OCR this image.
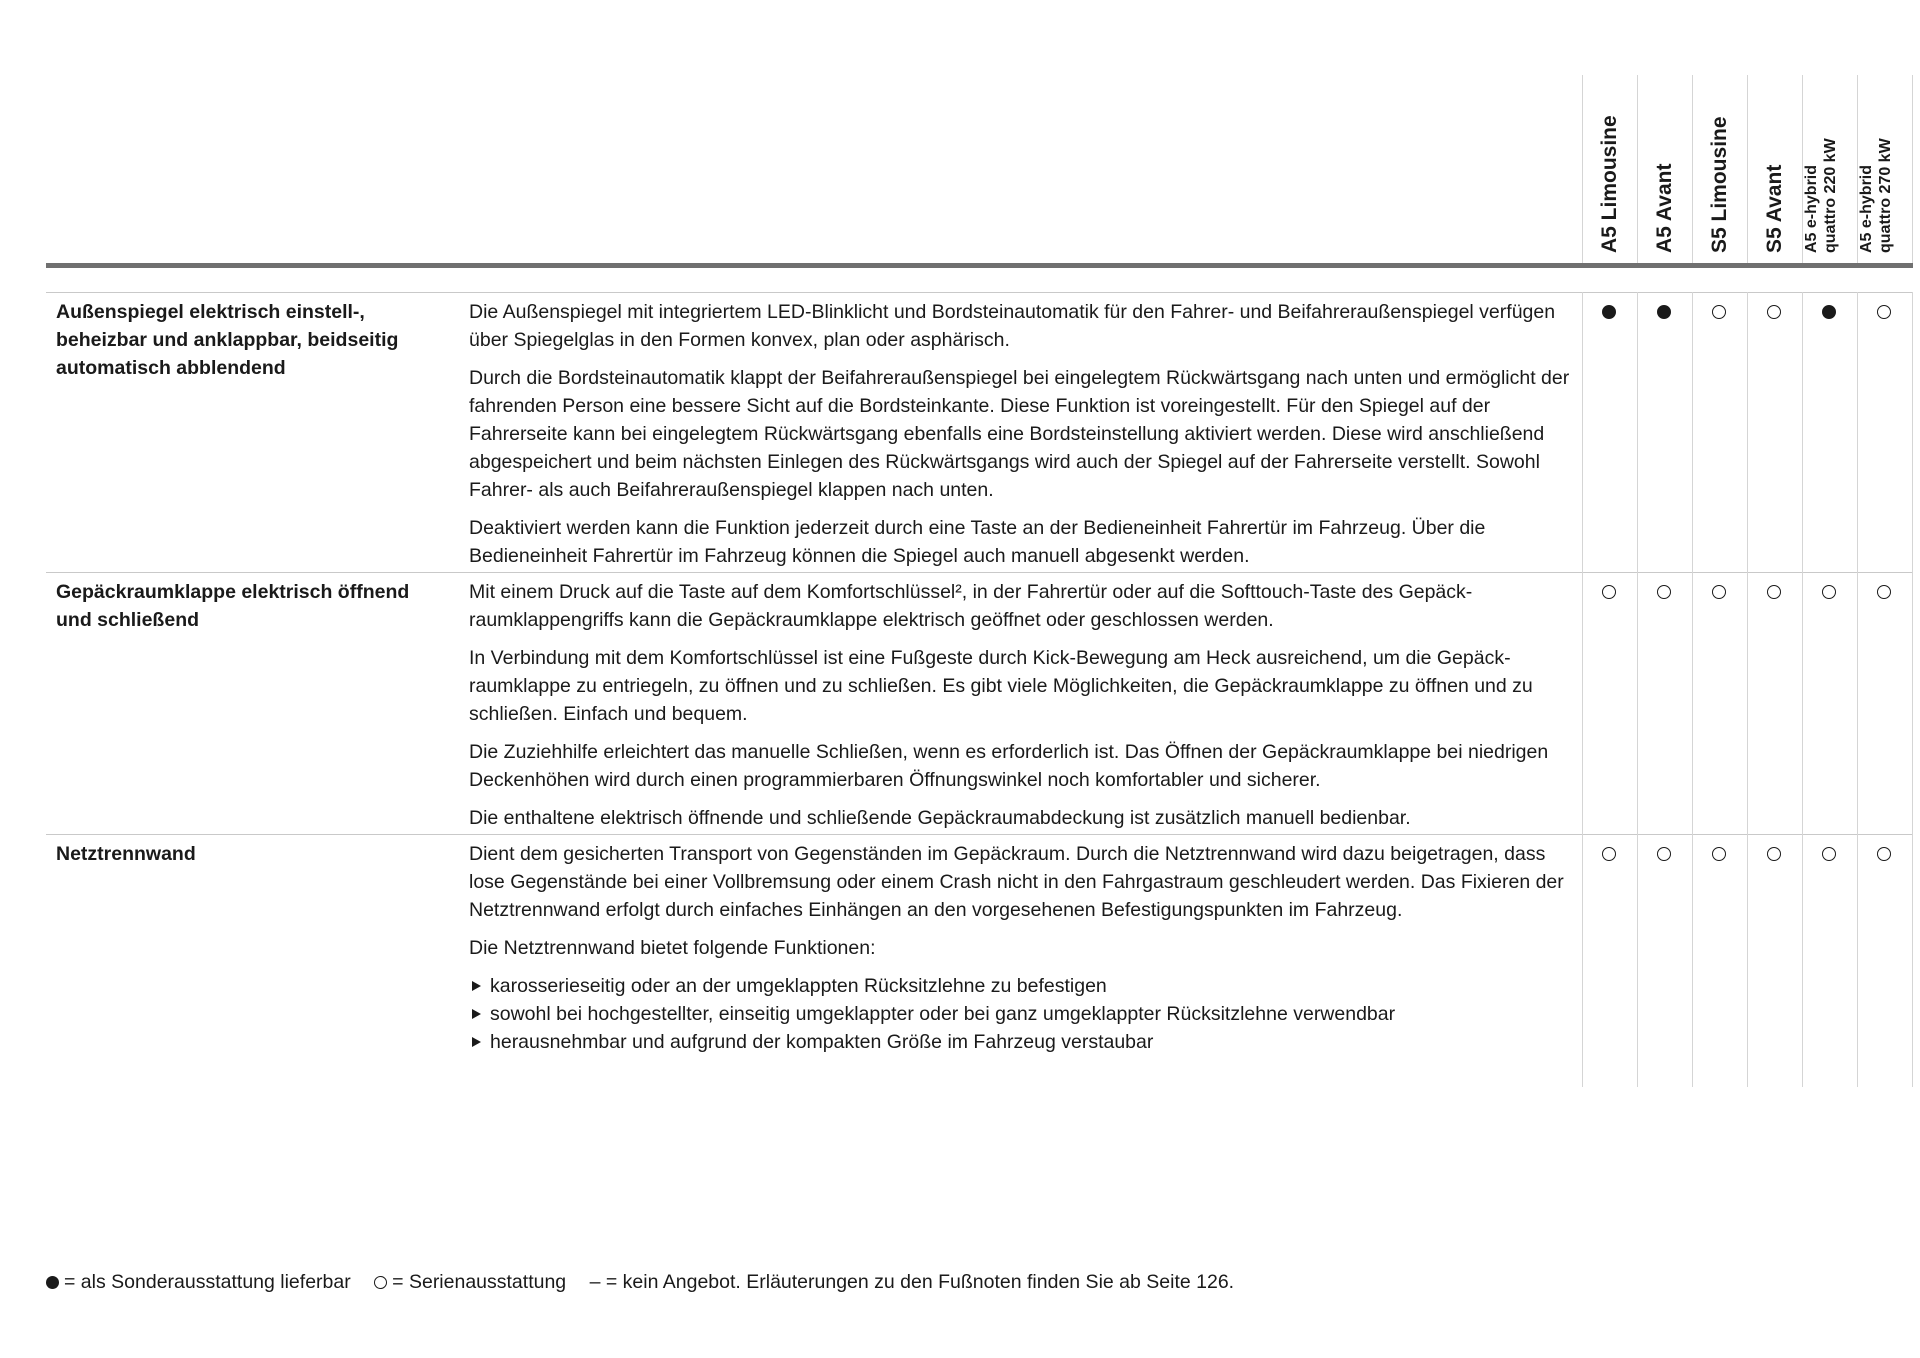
A5 Limousine A5 Avant S5 Limousine S5 Avant A5 e-hybrid
quattro 220 kW
A5 e-hybrid
quattro 270 kW
Außenspiegel elektrisch einstell-, beheizbar und anklappbar, beidseitig automatisch abblendend

Die Außenspiegel mit integriertem LED-Blinklicht und Bordsteinautomatik für den Fahrer- und Beifahreraußenspiegel verfügen über Spiegelglas in den Formen konvex, plan oder asphärisch.

Durch die Bordsteinautomatik klappt der Beifahreraußenspiegel bei eingelegtem Rückwärtsgang nach unten und ermöglicht der fahrenden Person eine bessere Sicht auf die Bordsteinkante. Diese Funktion ist voreingestellt. Für den Spiegel auf der Fahrerseite kann bei eingelegtem Rückwärtsgang ebenfalls eine Bordsteinstellung aktiviert werden. Diese wird anschließend abgespeichert und beim nächsten Einlegen des Rückwärtsgangs wird auch der Spiegel auf der Fahrerseite verstellt. Sowohl Fahrer- als auch Beifahreraußenspiegel klappen nach unten.

Deaktiviert werden kann die Funktion jederzeit durch eine Taste an der Bedieneinheit Fahrertür im Fahrzeug. Über die Bedieneinheit Fahrertür im Fahrzeug können die Spiegel auch manuell abgesenkt werden.

Gepäckraumklappe elektrisch öffnend und schließend

Mit einem Druck auf die Taste auf dem Komfortschlüssel², in der Fahrertür oder auf die Softtouch-Taste des Gepäckraumklappengriffs kann die Gepäckraumklappe elektrisch geöffnet oder geschlossen werden.

In Verbindung mit dem Komfortschlüssel ist eine Fußgeste durch Kick-Bewegung am Heck ausreichend, um die Gepäckraumklappe zu entriegeln, zu öffnen und zu schließen. Es gibt viele Möglichkeiten, die Gepäckraumklappe zu öffnen und zu schließen. Einfach und bequem.

Die Zuziehhilfe erleichtert das manuelle Schließen, wenn es erforderlich ist. Das Öffnen der Gepäckraumklappe bei niedrigen Deckenhöhen wird durch einen programmierbaren Öffnungswinkel noch komfortabler und sicherer.

Die enthaltene elektrisch öffnende und schließende Gepäckraumabdeckung ist zusätzlich manuell bedienbar.

Netztrennwand	Dient dem gesicherten Transport von Gegenständen im Gepäckraum. Durch die Netztrennwand wird dazu beigetragen, dass lose Gegenstände bei einer Vollbremsung oder einem Crash nicht in den Fahrgastraum geschleudert werden. Das Fixieren der Netztrennwand erfolgt durch einfaches Einhängen an den vorgesehenen Befestigungspunkten im Fahrzeug.

Die Netztrennwand bietet folgende Funktionen:

karosserieseitig oder an der umgeklappten Rücksitzlehne zu befestigen
sowohl bei hochgestellter, einseitig umgeklappter oder bei ganz umgeklappter Rücksitzlehne verwendbar
herausnehmbar und aufgrund der kompakten Größe im Fahrzeug verstaubar
= als Sonderausstattung lieferbar = Serienausstattung – = kein Angebot. Erläuterungen zu den Fußnoten finden Sie ab Seite 126.
